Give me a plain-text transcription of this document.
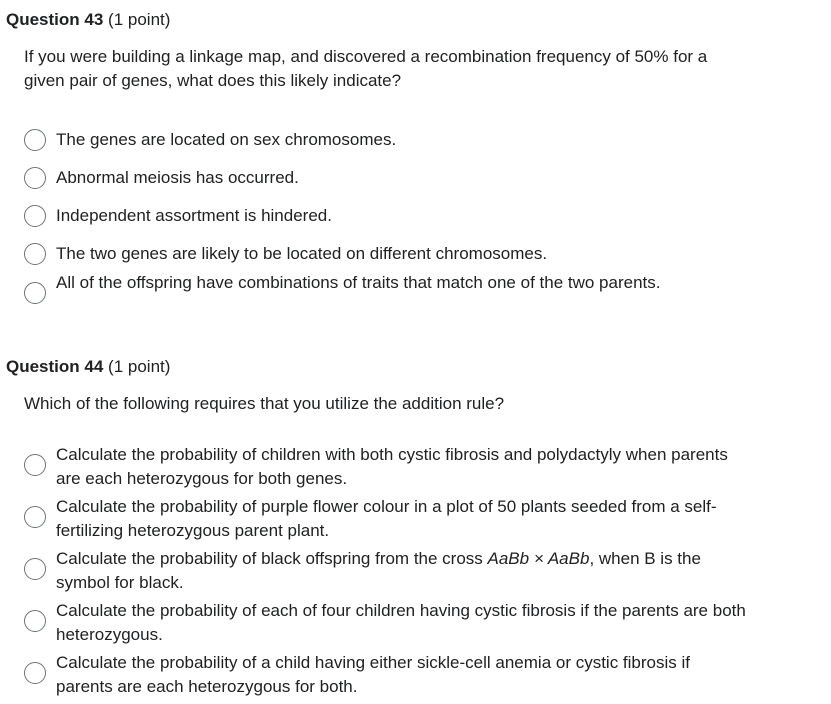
Question 43 (1 point)
If you were building a linkage map, and discovered a recombination frequency of 50% for a given pair of genes, what does this likely indicate?
The genes are located on sex chromosomes.
Abnormal meiosis has occurred.
Independent assortment is hindered.
The two genes are likely to be located on different chromosomes.
All of the offspring have combinations of traits that match one of the two parents.
Question 44 (1 point)
Which of the following requires that you utilize the addition rule?
Calculate the probability of children with both cystic fibrosis and polydactyly when parents are each heterozygous for both genes.
Calculate the probability of purple flower colour in a plot of 50 plants seeded from a self-fertilizing heterozygous parent plant.
Calculate the probability of black offspring from the cross AaBb × AaBb, when B is the symbol for black.
Calculate the probability of each of four children having cystic fibrosis if the parents are both heterozygous.
Calculate the probability of a child having either sickle-cell anemia or cystic fibrosis if parents are each heterozygous for both.
